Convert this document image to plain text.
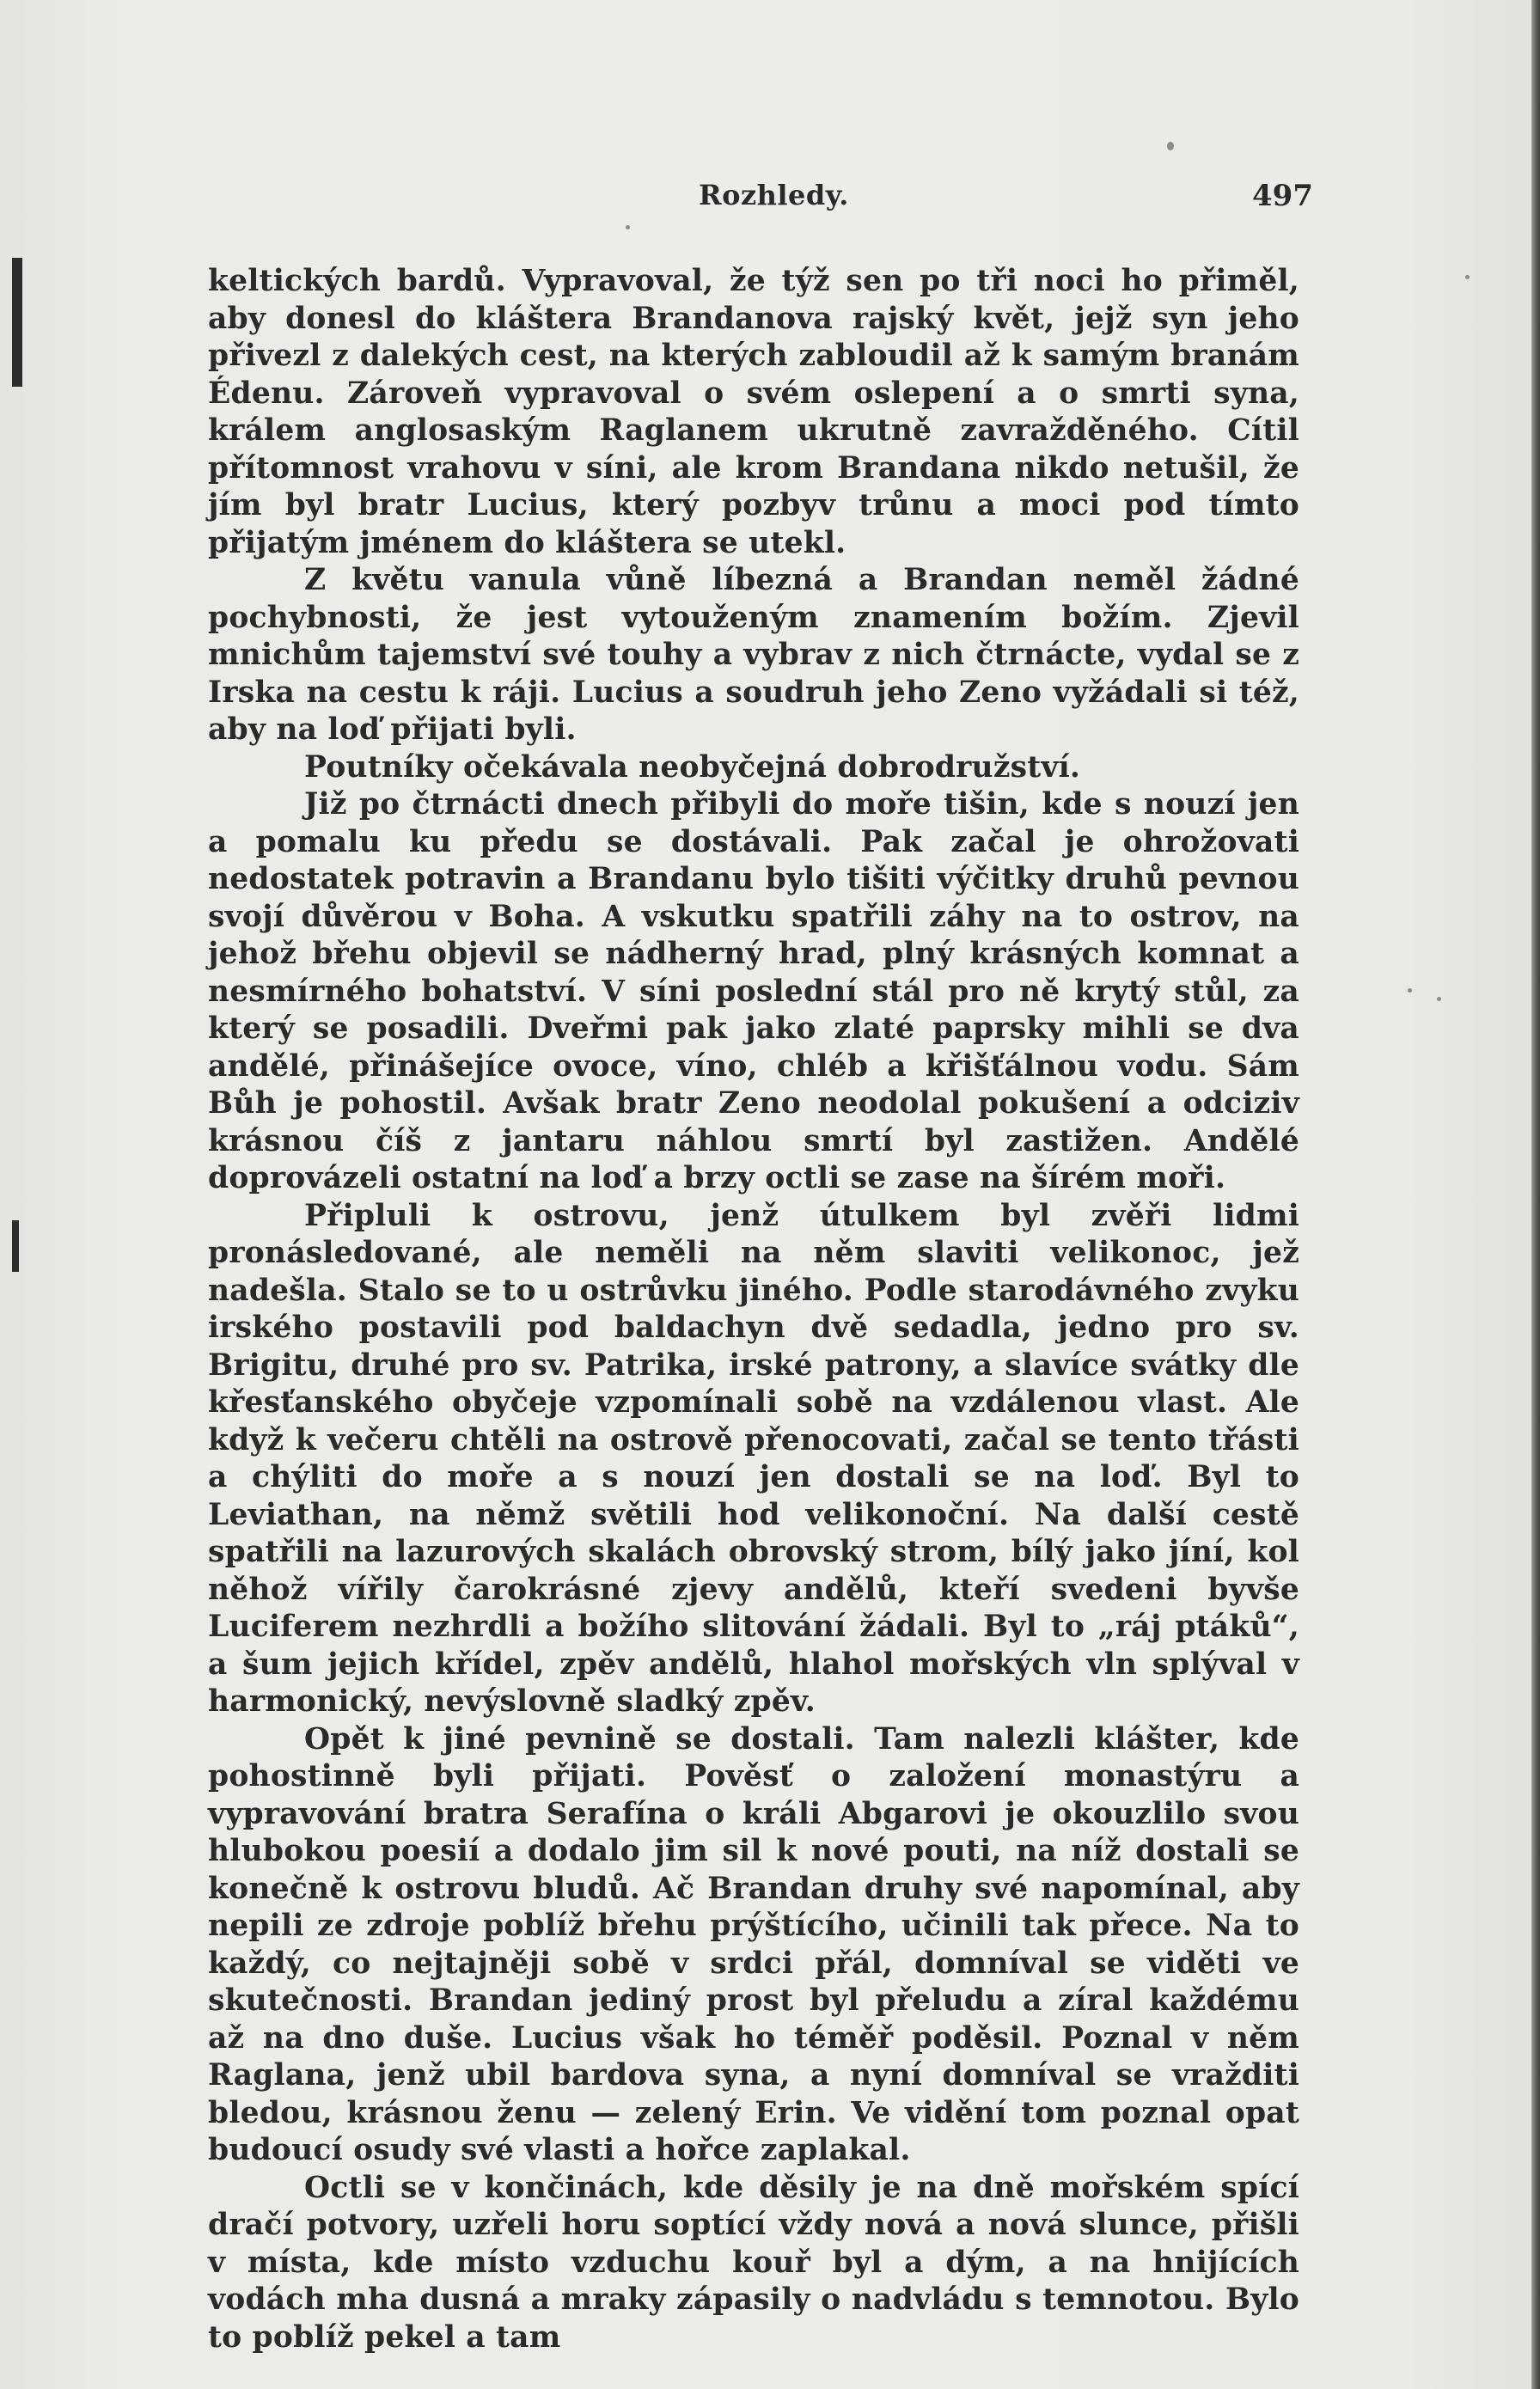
Rozhledy.	497

keltických bardů. Vypravoval, že týž sen po tři noci ho přiměl, aby donesl do kláštera Brandanova rajský květ, jejž syn jeho přivezl z dalekých cest, na kterých zabloudil až k samým branám Édenu. Zároveň vypravoval o svém oslepení a o smrti syna, králem anglosaským Raglanem ukrutně zavražděného. Cítil přítomnost vrahovu v síni, ale krom Brandana nikdo netušil, že jím byl bratr Lucius, který pozbyv trůnu a moci pod tímto přijatým jménem do kláštera se utekl.

Z květu vanula vůně líbezná a Brandan neměl žádné pochybnosti, že jest vytouženým znamením božím. Zjevil mnichům tajemství své touhy a vybrav z nich čtrnácte, vydal se z Irska na cestu k ráji. Lucius a soudruh jeho Zeno vyžádali si též, aby na loď přijati byli.

Poutníky očekávala neobyčejná dobrodružství.

Již po čtrnácti dnech přibyli do moře tišin, kde s nouzí jen a pomalu ku předu se dostávali. Pak začal je ohrožovati nedostatek potravin a Brandanu bylo tišiti výčitky druhů pevnou svojí důvěrou v Boha. A vskutku spatřili záhy na to ostrov, na jehož břehu objevil se nádherný hrad, plný krásných komnat a nesmírného bohatství. V síni poslední stál pro ně krytý stůl, za který se posadili. Dveřmi pak jako zlaté paprsky mihli se dva andělé, přinášejíce ovoce, víno, chléb a křišťálnou vodu. Sám Bůh je pohostil. Avšak bratr Zeno neodolal pokušení a odciziv krásnou číš z jantaru náhlou smrtí byl zastižen. Andělé doprovázeli ostatní na loď a brzy octli se zase na šírém moři.

Připluli k ostrovu, jenž útulkem byl zvěři lidmi pronásledované, ale neměli na něm slaviti velikonoc, jež nadešla. Stalo se to u ostrůvku jiného. Podle starodávného zvyku irského postavili pod baldachyn dvě sedadla, jedno pro sv. Brigitu, druhé pro sv. Patrika, irské patrony, a slavíce svátky dle křesťanského obyčeje vzpomínali sobě na vzdálenou vlast. Ale když k večeru chtěli na ostrově přenocovati, začal se tento třásti a chýliti do moře a s nouzí jen dostali se na loď. Byl to Leviathan, na němž světili hod velikonoční. Na další cestě spatřili na lazurových skalách obrovský strom, bílý jako jíní, kol něhož vířily čarokrásné zjevy andělů, kteří svedeni byvše Luciferem nezhrdli a božího slitování žádali. Byl to „ráj ptáků“, a šum jejich křídel, zpěv andělů, hlahol mořských vln splýval v harmonický, nevýslovně sladký zpěv.

Opět k jiné pevnině se dostali. Tam nalezli klášter, kde pohostinně byli přijati. Pověsť o založení monastýru a vypravování bratra Serafína o králi Abgarovi je okouzlilo svou hlubokou poesií a dodalo jim sil k nové pouti, na níž dostali se konečně k ostrovu bludů. Ač Brandan druhy své napomínal, aby nepili ze zdroje poblíž břehu prýštícího, učinili tak přece. Na to každý, co nejtajněji sobě v srdci přál, domníval se viděti ve skutečnosti. Brandan jediný prost byl přeludu a zíral každému až na dno duše. Lucius však ho téměř poděsil. Poznal v něm Raglana, jenž ubil bardova syna, a nyní domníval se vražditi bledou, krásnou ženu — zelený Erin. Ve vidění tom poznal opat budoucí osudy své vlasti a hořce zaplakal.

Octli se v končinách, kde děsily je na dně mořském spící dračí potvory, uzřeli horu soptící vždy nová a nová slunce, přišli v místa, kde místo vzduchu kouř byl a dým, a na hnijících vodách mha dusná a mraky zápasily o nadvládu s temnotou. Bylo to poblíž pekel a tam
